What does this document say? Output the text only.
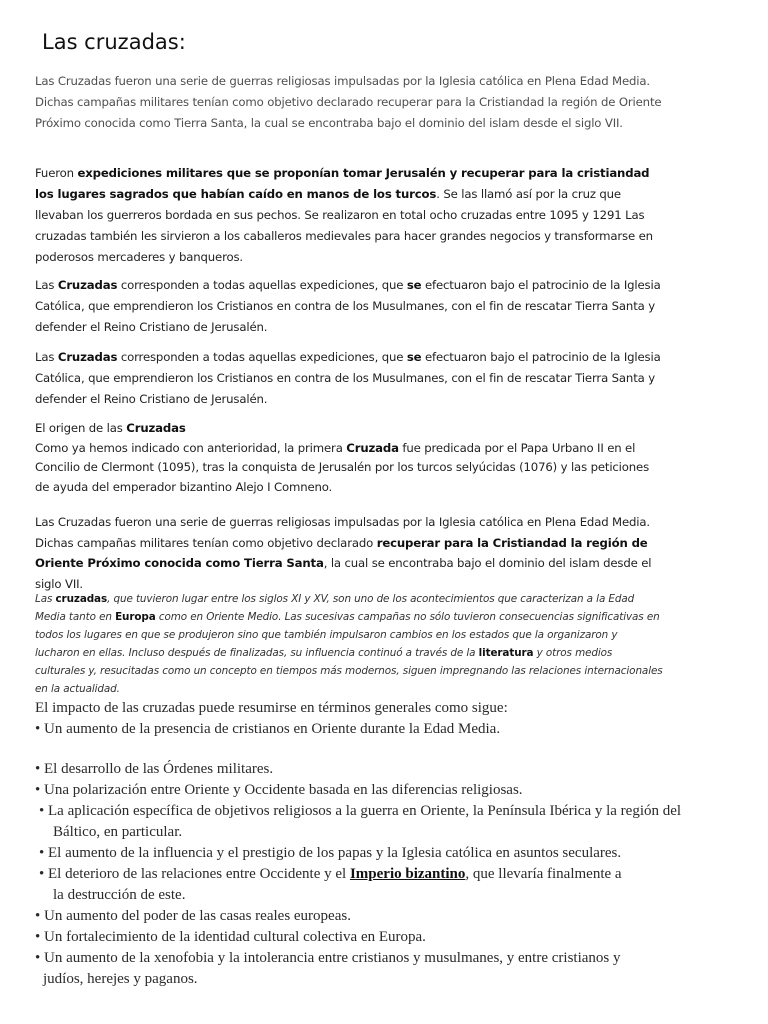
Las cruzadas:
Las Cruzadas fueron una serie de guerras religiosas impulsadas por la Iglesia católica en Plena Edad Media. Dichas campañas militares tenían como objetivo declarado recuperar para la Cristiandad la región de Oriente Próximo conocida como Tierra Santa, la cual se encontraba bajo el dominio del islam desde el siglo VII.
Fueron expediciones militares que se proponían tomar Jerusalén y recuperar para la cristiandad los lugares sagrados que habían caído en manos de los turcos. Se las llamó así por la cruz que llevaban los guerreros bordada en sus pechos. Se realizaron en total ocho cruzadas entre 1095 y 1291 Las cruzadas también les sirvieron a los caballeros medievales para hacer grandes negocios y transformarse en poderosos mercaderes y banqueros.
Las Cruzadas corresponden a todas aquellas expediciones, que se efectuaron bajo el patrocinio de la Iglesia Católica, que emprendieron los Cristianos en contra de los Musulmanes, con el fin de rescatar Tierra Santa y defender el Reino Cristiano de Jerusalén.
Las Cruzadas corresponden a todas aquellas expediciones, que se efectuaron bajo el patrocinio de la Iglesia Católica, que emprendieron los Cristianos en contra de los Musulmanes, con el fin de rescatar Tierra Santa y defender el Reino Cristiano de Jerusalén.
El origen de las Cruzadas
Como ya hemos indicado con anterioridad, la primera Cruzada fue predicada por el Papa Urbano II en el Concilio de Clermont (1095), tras la conquista de Jerusalén por los turcos selyúcidas (1076) y las peticiones de ayuda del emperador bizantino Alejo I Comneno.
Las Cruzadas fueron una serie de guerras religiosas impulsadas por la Iglesia católica en Plena Edad Media. Dichas campañas militares tenían como objetivo declarado recuperar para la Cristiandad la región de Oriente Próximo conocida como Tierra Santa, la cual se encontraba bajo el dominio del islam desde el siglo VII.
Las cruzadas, que tuvieron lugar entre los siglos XI y XV, son uno de los acontecimientos que caracterizan a la Edad Media tanto en Europa como en Oriente Medio. Las sucesivas campañas no sólo tuvieron consecuencias significativas en todos los lugares en que se produjeron sino que también impulsaron cambios en los estados que la organizaron y lucharon en ellas. Incluso después de finalizadas, su influencia continuó a través de la literatura y otros medios culturales y, resucitadas como un concepto en tiempos más modernos, siguen impregnando las relaciones internacionales en la actualidad.

El impacto de las cruzadas puede resumirse en términos generales como sigue:

• Un aumento de la presencia de cristianos en Oriente durante la Edad Media.

• El desarrollo de las Órdenes militares.

• Una polarización entre Oriente y Occidente basada en las diferencias religiosas.

• La aplicación específica de objetivos religiosos a la guerra en Oriente, la Península Ibérica y la región del Báltico, en particular.

• El aumento de la influencia y el prestigio de los papas y la Iglesia católica en asuntos seculares.

• El deterioro de las relaciones entre Occidente y el Imperio bizantino, que llevaría finalmente a la destrucción de este.

• Un aumento del poder de las casas reales europeas.

• Un fortalecimiento de la identidad cultural colectiva en Europa.

• Un aumento de la xenofobia y la intolerancia entre cristianos y musulmanes, y entre cristianos y judíos, herejes y paganos.
